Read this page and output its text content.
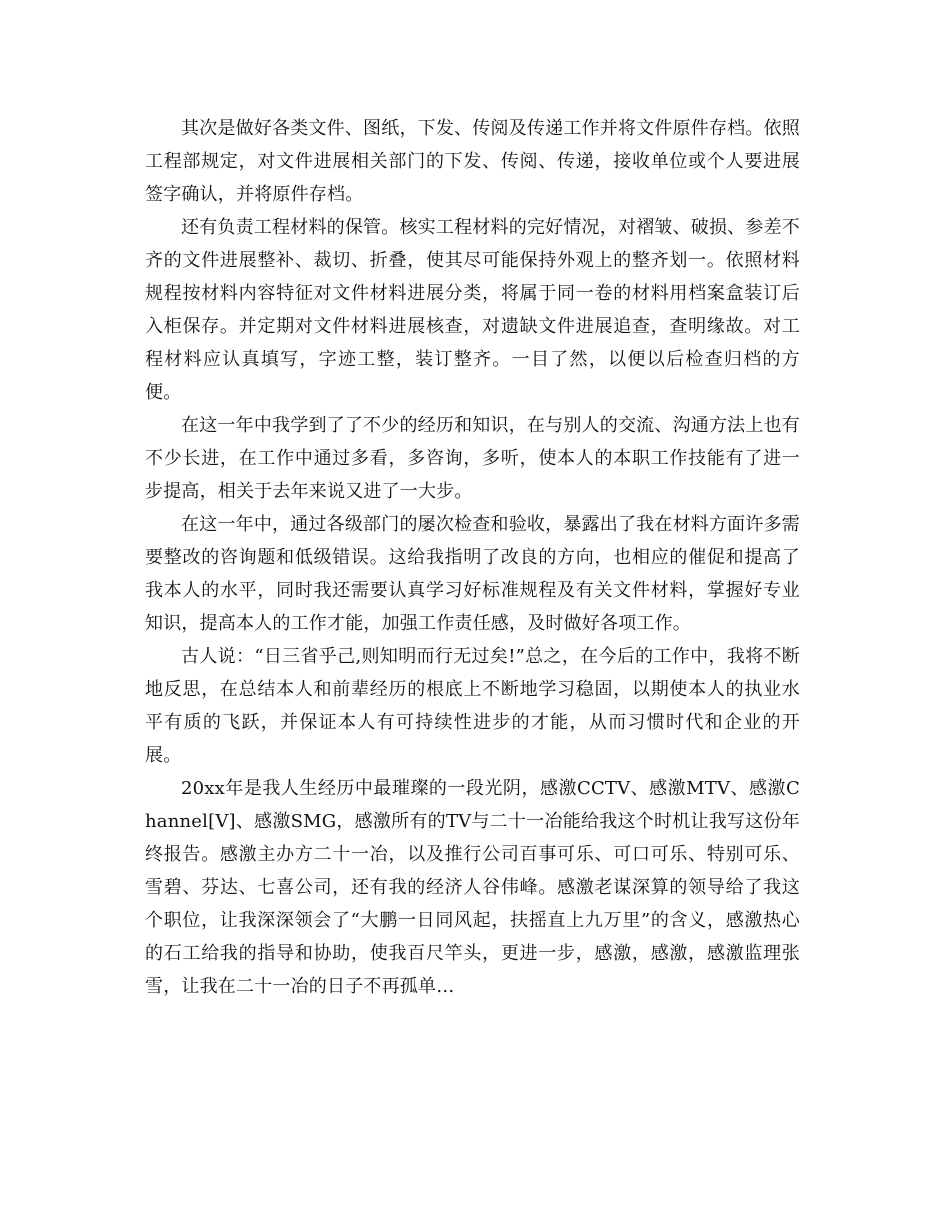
其次是做好各类文件、图纸，下发、传阅及传递工作并将文件原件存档。依照工程部规定，对文件进展相关部门的下发、传阅、传递，接收单位或个人要进展签字确认，并将原件存档。

还有负责工程材料的保管。核实工程材料的完好情况，对褶皱、破损、参差不齐的文件进展整补、裁切、折叠，使其尽可能保持外观上的整齐划一。依照材料规程按材料内容特征对文件材料进展分类，将属于同一卷的材料用档案盒装订后入柜保存。并定期对文件材料进展核查，对遗缺文件进展追查，查明缘故。对工程材料应认真填写，字迹工整，装订整齐。一目了然，以便以后检查归档的方便。

在这一年中我学到了了不少的经历和知识，在与别人的交流、沟通方法上也有不少长进，在工作中通过多看，多咨询，多听，使本人的本职工作技能有了进一步提高，相关于去年来说又进了一大步。

在这一年中，通过各级部门的屡次检查和验收，暴露出了我在材料方面许多需要整改的咨询题和低级错误。这给我指明了改良的方向，也相应的催促和提高了我本人的水平，同时我还需要认真学习好标准规程及有关文件材料，掌握好专业知识，提高本人的工作才能，加强工作责任感，及时做好各项工作。

古人说：“日三省乎己,则知明而行无过矣!”总之，在今后的工作中，我将不断地反思，在总结本人和前辈经历的根底上不断地学习稳固，以期使本人的执业水平有质的飞跃，并保证本人有可持续性进步的才能，从而习惯时代和企业的开展。

20xx年是我人生经历中最璀璨的一段光阴，感激CCTV、感激MTV、感激Channel[V]、感激SMG，感激所有的TV与二十一冶能给我这个时机让我写这份年终报告。感激主办方二十一冶，以及推行公司百事可乐、可口可乐、特别可乐、雪碧、芬达、七喜公司，还有我的经济人谷伟峰。感激老谋深算的领导给了我这个职位，让我深深领会了“大鹏一日同风起，扶摇直上九万里”的含义，感激热心的石工给我的指导和协助，使我百尺竿头，更进一步，感激，感激，感激监理张雪，让我在二十一冶的日子不再孤单…
